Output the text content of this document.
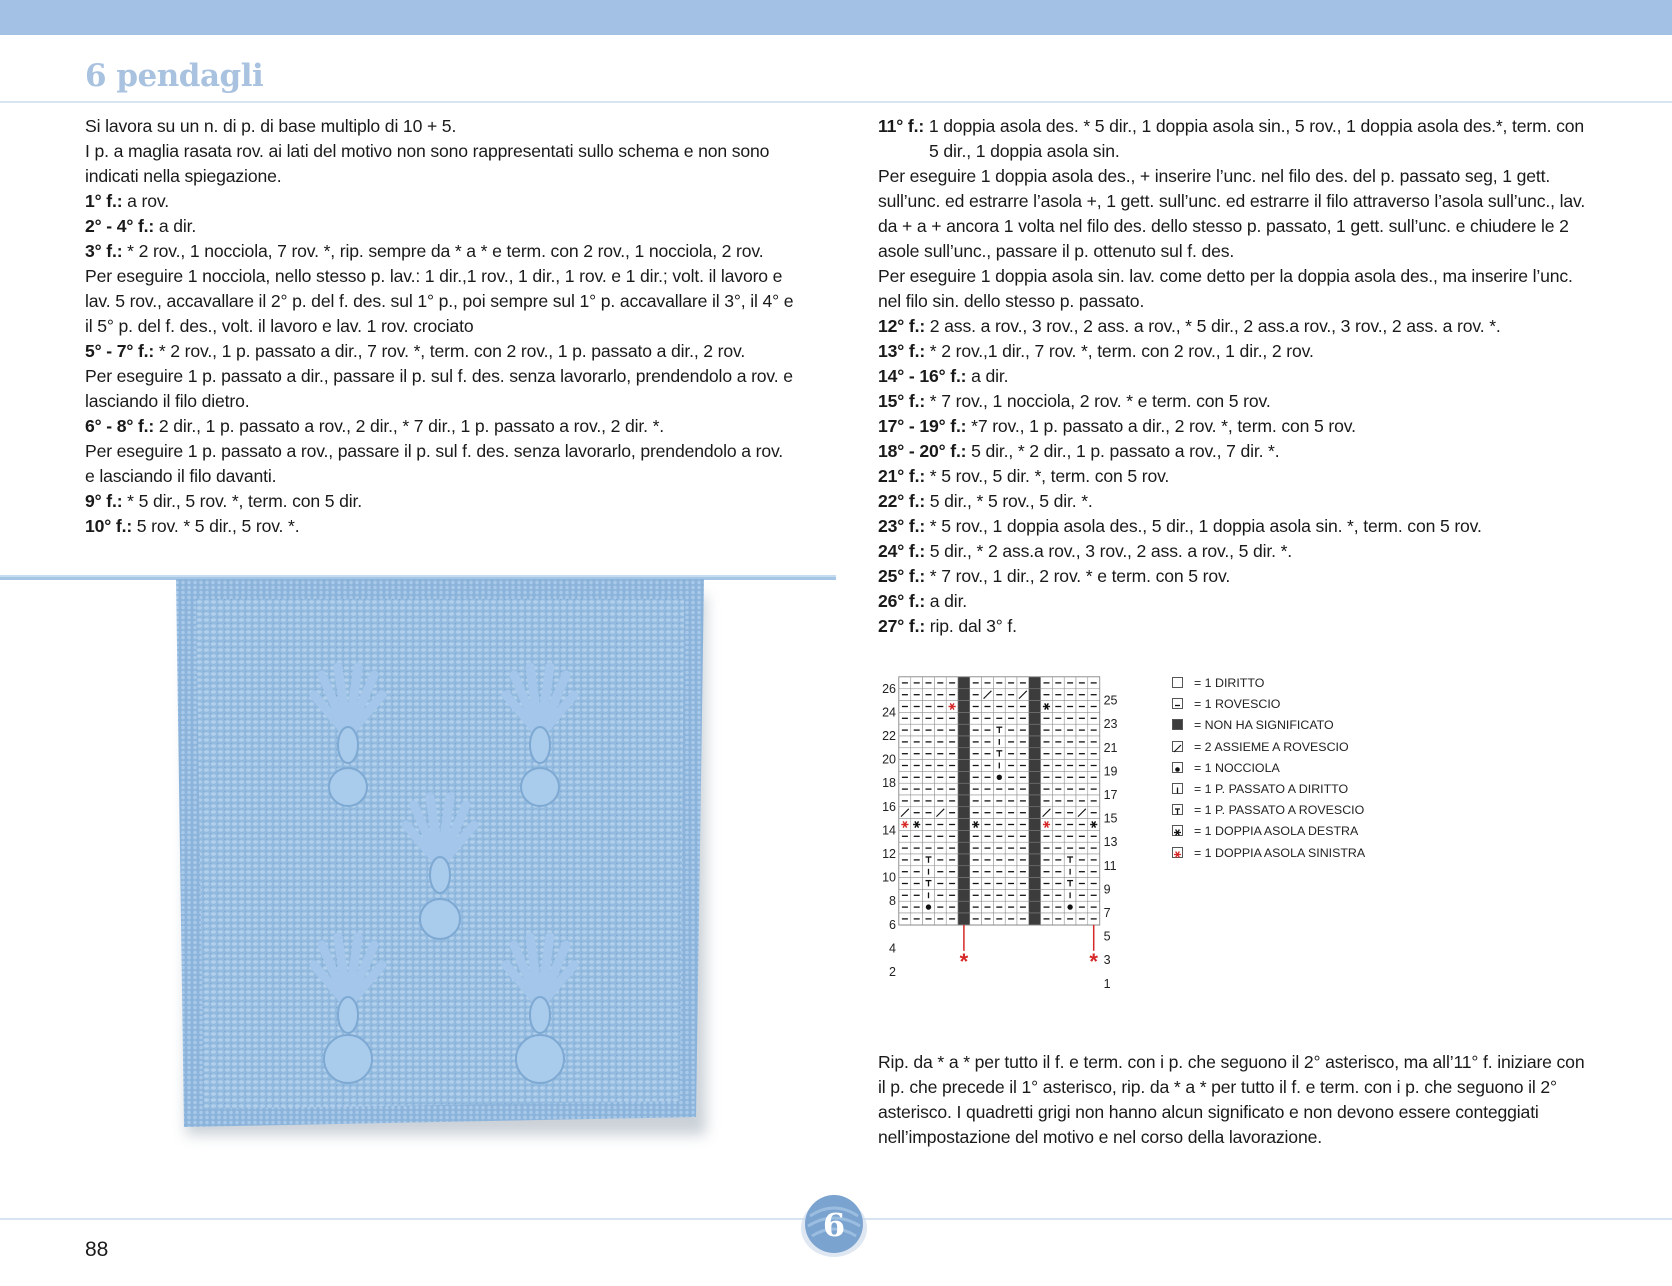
6 pendagli

Si lavora su un n. di p. di base multiplo di 10 + 5.

I p. a maglia rasata rov. ai lati del motivo non sono rappresentati sullo schema e non sono indicati nella spiegazione.

1° f.: a rov.

2° - 4° f.: a dir.

3° f.: * 2 rov., 1 nocciola, 7 rov. *, rip. sempre da * a * e term. con 2 rov., 1 nocciola, 2 rov.

Per eseguire 1 nocciola, nello stesso p. lav.: 1 dir.,1 rov., 1 dir., 1 rov. e 1 dir.; volt. il lavoro e lav. 5 rov., accavallare il 2° p. del f. des. sul 1° p., poi sempre sul 1° p. accavallare il 3°, il 4° e il 5° p. del f. des., volt. il lavoro e lav. 1 rov. crociato

5° - 7° f.: * 2 rov., 1 p. passato a dir., 7 rov. *, term. con 2 rov., 1 p. passato a dir., 2 rov.

Per eseguire 1 p. passato a dir., passare il p. sul f. des. senza lavorarlo, prendendolo a rov. e lasciando il filo dietro.

6° - 8° f.: 2 dir., 1 p. passato a rov., 2 dir., * 7 dir., 1 p. passato a rov., 2 dir. *.

Per eseguire 1 p. passato a rov., passare il p. sul f. des. senza lavorarlo, prendendolo a rov. e lasciando il filo davanti.

9° f.: * 5 dir., 5 rov. *, term. con 5 dir.

10° f.: 5 rov. * 5 dir., 5 rov. *.

11° f.: 1 doppia asola des. * 5 dir., 1 doppia asola sin., 5 rov., 1 doppia asola des.*, term. con 5 dir., 1 doppia asola sin.

Per eseguire 1 doppia asola des., + inserire l’unc. nel filo des. del p. passato seg, 1 gett. sull’unc. ed estrarre l’asola +, 1 gett. sull’unc. ed estrarre il filo attraverso l’asola sull’unc., lav. da + a + ancora 1 volta nel filo des. dello stesso p. passato, 1 gett. sull’unc. e chiudere le 2 asole sull’unc., passare il p. ottenuto sul f. des.

Per eseguire 1 doppia asola sin. lav. come detto per la doppia asola des., ma inserire l’unc. nel filo sin. dello stesso p. passato.

12° f.: 2 ass. a rov., 3 rov., 2 ass. a rov., * 5 dir., 2 ass.a rov., 3 rov., 2 ass. a rov. *.

13° f.: * 2 rov.,1 dir., 7 rov. *, term. con 2 rov., 1 dir., 2 rov.

14° - 16° f.: a dir.

15° f.: * 7 rov., 1 nocciola, 2 rov. * e term. con 5 rov.

17° - 19° f.: *7 rov., 1 p. passato a dir., 2 rov. *, term. con 5 rov.

18° - 20° f.: 5 dir., * 2 dir., 1 p. passato a rov., 7 dir. *.

21° f.: * 5 rov., 5 dir. *, term. con 5 rov.

22° f.: 5 dir., * 5 rov., 5 dir. *.

23° f.: * 5 rov., 1 doppia asola des., 5 dir., 1 doppia asola sin. *, term. con 5 rov.

24° f.: 5 dir., * 2 ass.a rov., 3 rov., 2 ass. a rov., 5 dir. *.

25° f.: * 7 rov., 1 dir., 2 rov. * e term. con 5 rov.

26° f.: a dir.

27° f.: rip. dal 3° f.

26
24
22
20
18
16
14
12
10
8
6
4
2
25
23
21
19
17
15
13
11
9
7
5
3
1
*	*
= 1 DIRITTO
= 1 ROVESCIO
= NON HA SIGNIFICATO
= 2 ASSIEME A ROVESCIO
= 1 NOCCIOLA
= 1 P. PASSATO A DIRITTO
= 1 P. PASSATO A ROVESCIO
= 1 DOPPIA ASOLA DESTRA
= 1 DOPPIA ASOLA SINISTRA

Rip. da * a * per tutto il f. e term. con i p. che seguono il 2° asterisco, ma all’11° f. iniziare con il p. che precede il 1° asterisco, rip. da * a * per tutto il f. e term. con i p. che seguono il 2° asterisco. I quadretti grigi non hanno alcun significato e non devono essere conteggiati nell’impostazione del motivo e nel corso della lavorazione.

6

88
